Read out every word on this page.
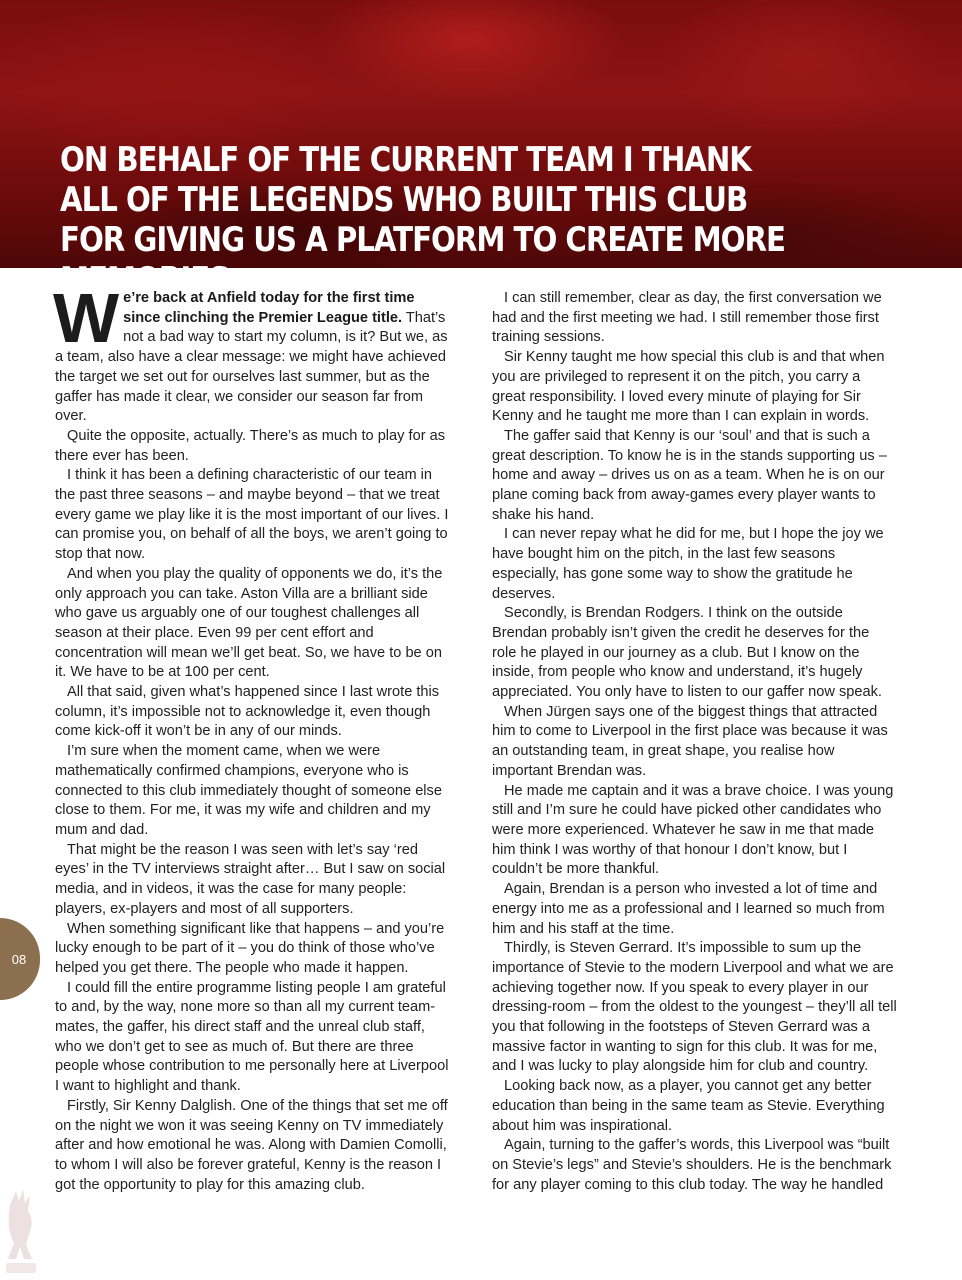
ON BEHALF OF THE CURRENT TEAM I THANK ALL OF THE LEGENDS WHO BUILT THIS CLUB FOR GIVING US A PLATFORM TO CREATE MORE MEMORIES

We’re back at Anfield today for the first time since clinching the Premier League title. That’s not a bad way to start my column, is it? But we, as a team, also have a clear message: we might have achieved the target we set out for ourselves last summer, but as the gaffer has made it clear, we consider our season far from over.

Quite the opposite, actually. There’s as much to play for as there ever has been.

I think it has been a defining characteristic of our team in the past three seasons – and maybe beyond – that we treat every game we play like it is the most important of our lives. I can promise you, on behalf of all the boys, we aren’t going to stop that now.

And when you play the quality of opponents we do, it’s the only approach you can take. Aston Villa are a brilliant side who gave us arguably one of our toughest challenges all season at their place. Even 99 per cent effort and concentration will mean we’ll get beat. So, we have to be on it. We have to be at 100 per cent.

All that said, given what’s happened since I last wrote this column, it’s impossible not to acknowledge it, even though come kick-off it won’t be in any of our minds.

I’m sure when the moment came, when we were mathematically confirmed champions, everyone who is connected to this club immediately thought of someone else close to them. For me, it was my wife and children and my mum and dad.

That might be the reason I was seen with let’s say ‘red eyes’ in the TV interviews straight after… But I saw on social media, and in videos, it was the case for many people: players, ex-players and most of all supporters.

When something significant like that happens – and you’re lucky enough to be part of it – you do think of those who’ve helped you get there. The people who made it happen.

I could fill the entire programme listing people I am grateful to and, by the way, none more so than all my current team-mates, the gaffer, his direct staff and the unreal club staff, who we don’t get to see as much of. But there are three people whose contribution to me personally here at Liverpool I want to highlight and thank.

Firstly, Sir Kenny Dalglish. One of the things that set me off on the night we won it was seeing Kenny on TV immediately after and how emotional he was. Along with Damien Comolli, to whom I will also be forever grateful, Kenny is the reason I got the opportunity to play for this amazing club.

I can still remember, clear as day, the first conversation we had and the first meeting we had. I still remember those first training sessions.

Sir Kenny taught me how special this club is and that when you are privileged to represent it on the pitch, you carry a great responsibility. I loved every minute of playing for Sir Kenny and he taught me more than I can explain in words.

The gaffer said that Kenny is our ‘soul’ and that is such a great description. To know he is in the stands supporting us – home and away – drives us on as a team. When he is on our plane coming back from away-games every player wants to shake his hand.

I can never repay what he did for me, but I hope the joy we have bought him on the pitch, in the last few seasons especially, has gone some way to show the gratitude he deserves.

Secondly, is Brendan Rodgers. I think on the outside Brendan probably isn’t given the credit he deserves for the role he played in our journey as a club. But I know on the inside, from people who know and understand, it’s hugely appreciated. You only have to listen to our gaffer now speak.

When Jürgen says one of the biggest things that attracted him to come to Liverpool in the first place was because it was an outstanding team, in great shape, you realise how important Brendan was.

He made me captain and it was a brave choice. I was young still and I’m sure he could have picked other candidates who were more experienced. Whatever he saw in me that made him think I was worthy of that honour I don’t know, but I couldn’t be more thankful.

Again, Brendan is a person who invested a lot of time and energy into me as a professional and I learned so much from him and his staff at the time.

Thirdly, is Steven Gerrard. It’s impossible to sum up the importance of Stevie to the modern Liverpool and what we are achieving together now. If you speak to every player in our dressing-room – from the oldest to the youngest – they’ll all tell you that following in the footsteps of Steven Gerrard was a massive factor in wanting to sign for this club. It was for me, and I was lucky to play alongside him for club and country.

Looking back now, as a player, you cannot get any better education than being in the same team as Stevie. Everything about him was inspirational.

Again, turning to the gaffer’s words, this Liverpool was “built on Stevie’s legs” and Stevie’s shoulders. He is the benchmark for any player coming to this club today. The way he handled

08
